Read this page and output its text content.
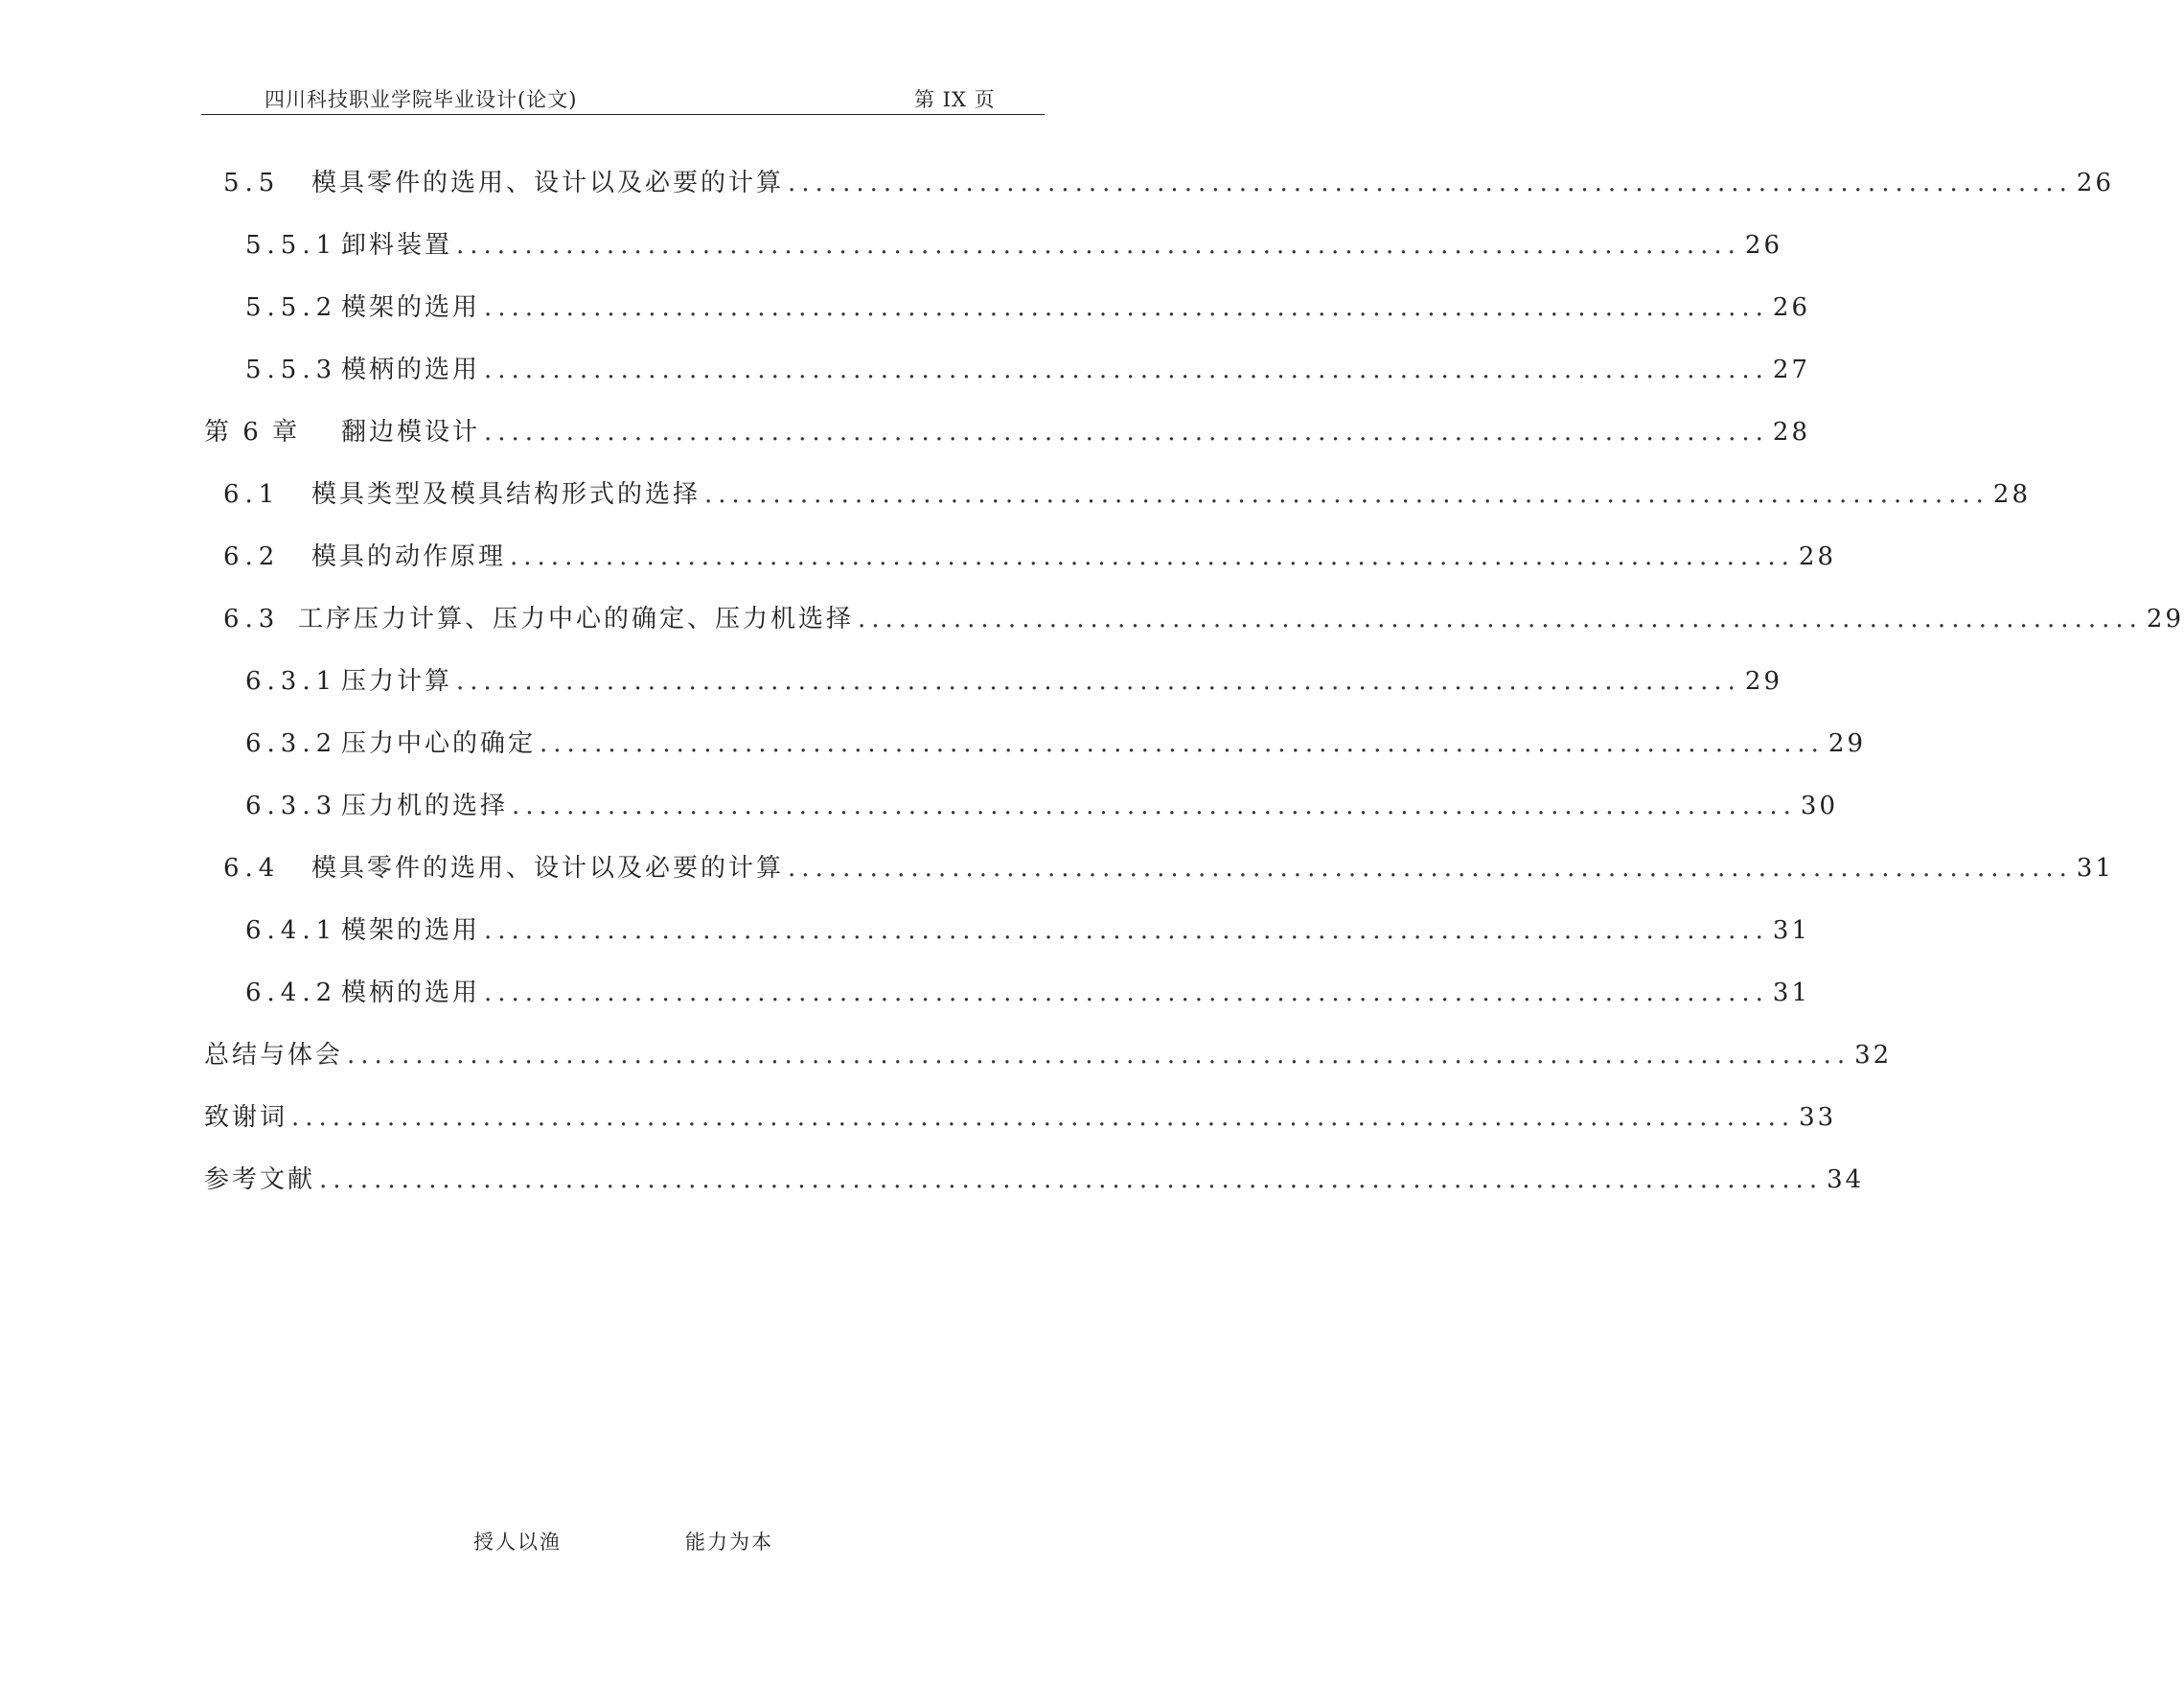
四川科技职业学院毕业设计(论文)	第 IX 页
5.5	模具零件的选用、设计以及必要的计算 .............................................................................................. 26
5.5.1 卸料装置 .............................................................................................. 26
5.5.2 模架的选用 .............................................................................................. 26
5.5.3 模柄的选用 .............................................................................................. 27
第 6 章	翻边模设计 .............................................................................................. 28
6.1	模具类型及模具结构形式的选择 .............................................................................................. 28
6.2	模具的动作原理 .............................................................................................. 28
6.3 工序压力计算、压力中心的确定、压力机选择 .............................................................................................. 29
6.3.1 压力计算 .............................................................................................. 29
6.3.2 压力中心的确定 .............................................................................................. 29
6.3.3 压力机的选择 .............................................................................................. 30
6.4	模具零件的选用、设计以及必要的计算 .............................................................................................. 31
6.4.1 模架的选用 .............................................................................................. 31
6.4.2 模柄的选用 .............................................................................................. 31
总结与体会 .............................................................................................................. 32
致谢词 .............................................................................................................. 33
参考文献 .............................................................................................................. 34
授人以渔	能力为本
